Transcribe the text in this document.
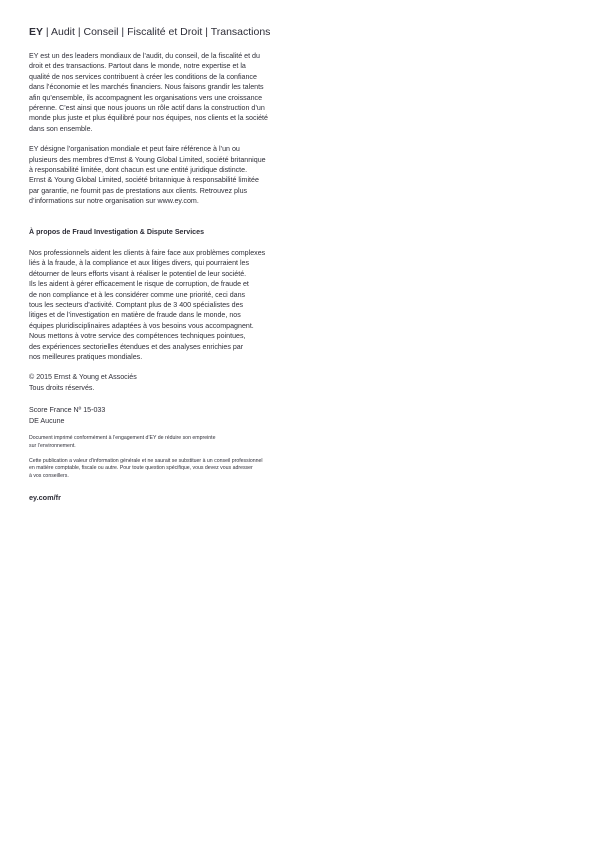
EY | Audit | Conseil | Fiscalité et Droit | Transactions

EY est un des leaders mondiaux de l’audit, du conseil, de la fiscalité et du
droit et des transactions. Partout dans le monde, notre expertise et la
qualité de nos services contribuent à créer les conditions de la confiance
dans l’économie et les marchés financiers. Nous faisons grandir les talents
afin qu’ensemble, ils accompagnent les organisations vers une croissance
pérenne. C’est ainsi que nous jouons un rôle actif dans la construction d’un
monde plus juste et plus équilibré pour nos équipes, nos clients et la société
dans son ensemble.

EY désigne l’organisation mondiale et peut faire référence à l’un ou
plusieurs des membres d’Ernst & Young Global Limited, société britannique
à responsabilité limitée, dont chacun est une entité juridique distincte.
Ernst & Young Global Limited, société britannique à responsabilité limitée
par garantie, ne fournit pas de prestations aux clients. Retrouvez plus
d’informations sur notre organisation sur www.ey.com.

À propos de Fraud Investigation & Dispute Services

Nos professionnels aident les clients à faire face aux problèmes complexes
liés à la fraude, à la compliance et aux litiges divers, qui pourraient les
détourner de leurs efforts visant à réaliser le potentiel de leur société.
Ils les aident à gérer efficacement le risque de corruption, de fraude et
de non compliance et à les considérer comme une priorité, ceci dans
tous les secteurs d’activité. Comptant plus de 3 400 spécialistes des
litiges et de l’investigation en matière de fraude dans le monde, nos
équipes pluridisciplinaires adaptées à vos besoins vous accompagnent.
Nous mettons à votre service des compétences techniques pointues,
des expériences sectorielles étendues et des analyses enrichies par
nos meilleures pratiques mondiales.

© 2015 Ernst & Young et Associés
Tous droits réservés.

Score France Nº 15-033
DE Aucune

Document imprimé conformément à l’engagement d’EY de réduire son empreinte
sur l’environnement.

Cette publication a valeur d’information générale et ne saurait se substituer à un conseil professionnel
en matière comptable, fiscale ou autre. Pour toute question spécifique, vous devez vous adresser
à vos conseillers.

ey.com/fr
